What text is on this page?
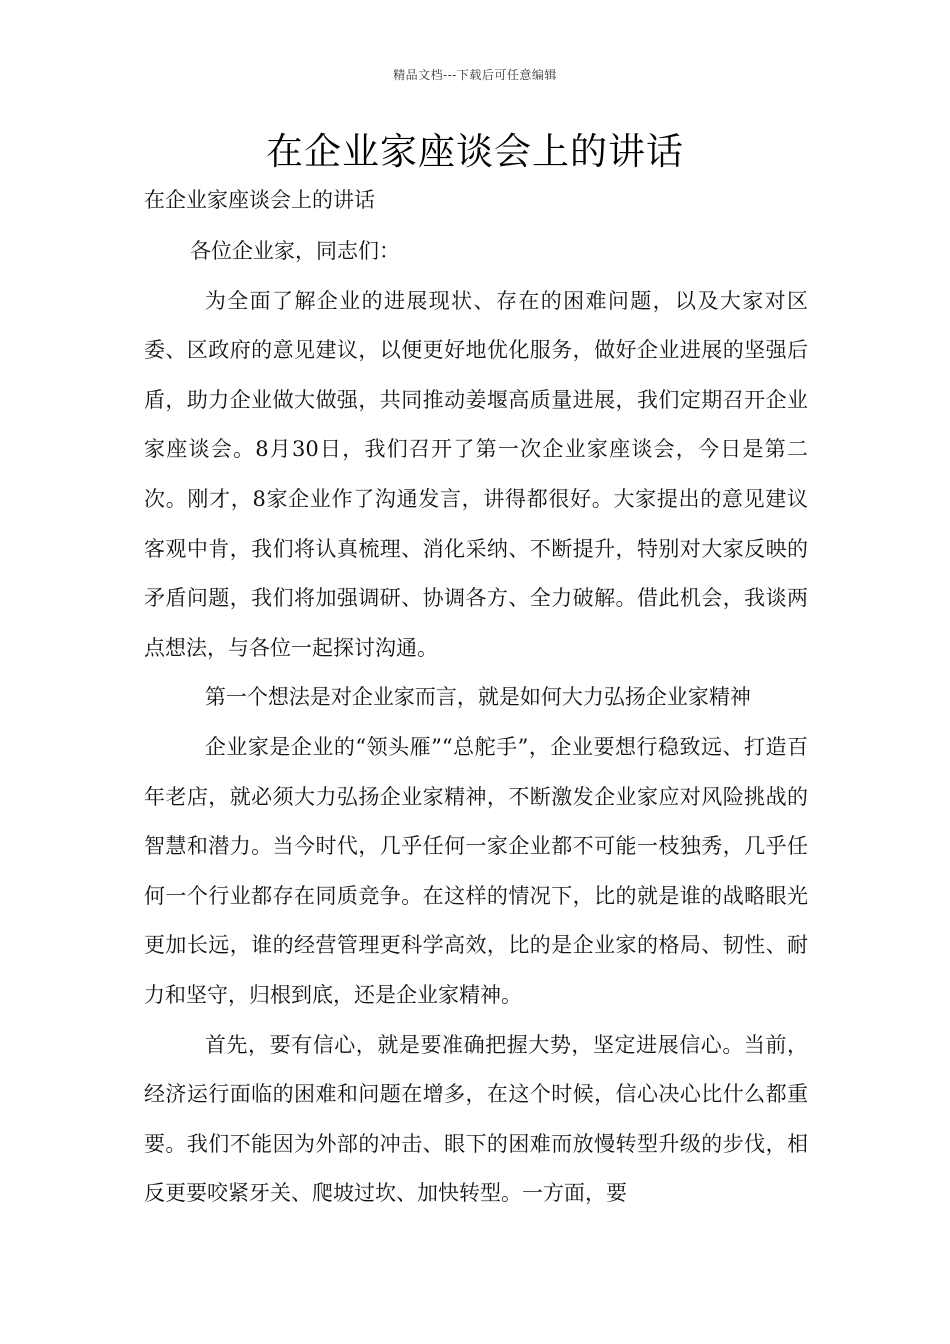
精品文档---下载后可任意编辑
在企业家座谈会上的讲话
在企业家座谈会上的讲话

各位企业家，同志们：

为全面了解企业的进展现状、存在的困难问题，以及大家对区委、区政府的意见建议，以便更好地优化服务，做好企业进展的坚强后盾，助力企业做大做强，共同推动姜堰高质量进展，我们定期召开企业家座谈会。8月30日，我们召开了第一次企业家座谈会，今日是第二次。刚才，8家企业作了沟通发言，讲得都很好。大家提出的意见建议客观中肯，我们将认真梳理、消化采纳、不断提升，特别对大家反映的矛盾问题，我们将加强调研、协调各方、全力破解。借此机会，我谈两点想法，与各位一起探讨沟通。

第一个想法是对企业家而言，就是如何大力弘扬企业家精神

企业家是企业的“领头雁”“总舵手”，企业要想行稳致远、打造百年老店，就必须大力弘扬企业家精神，不断激发企业家应对风险挑战的智慧和潜力。当今时代，几乎任何一家企业都不可能一枝独秀，几乎任何一个行业都存在同质竞争。在这样的情况下，比的就是谁的战略眼光更加长远，谁的经营管理更科学高效，比的是企业家的格局、韧性、耐力和坚守，归根到底，还是企业家精神。

首先，要有信心，就是要准确把握大势，坚定进展信心。当前，经济运行面临的困难和问题在增多，在这个时候，信心决心比什么都重要。我们不能因为外部的冲击、眼下的困难而放慢转型升级的步伐，相反更要咬紧牙关、爬坡过坎、加快转型。一方面，要
